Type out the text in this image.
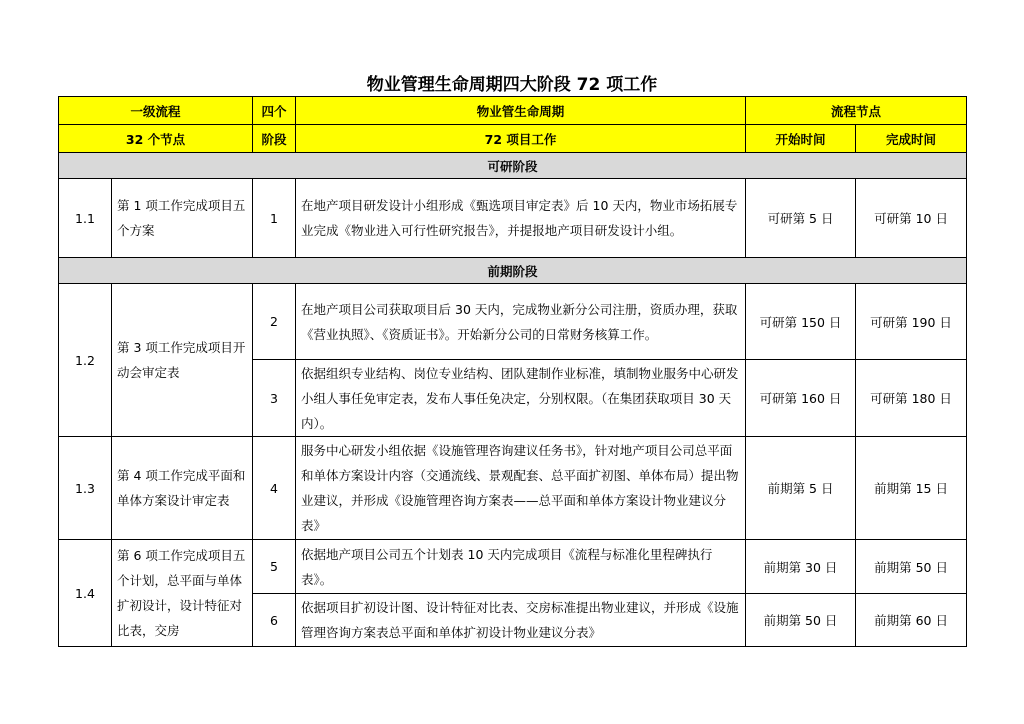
物业管理生命周期四大阶段 72 项工作
一级流程		四个	物业管生命周期	流程节点	
32 个节点		阶段	72 项目工作	开始时间	完成时间
可研阶段					
1.1	第 1 项工作完成项目五个方案	1	在地产项目研发设计小组形成《甄选项目审定表》后 10 天内，物业市场拓展专业完成《物业进入可行性研究报告》，并提报地产项目研发设计小组。	可研第 5 日	可研第 10 日
前期阶段					
1.2	第 3 项工作完成项目开动会审定表	2	在地产项目公司获取项目后 30 天内，完成物业新分公司注册，资质办理，获取《营业执照》、《资质证书》。开始新分公司的日常财务核算工作。	可研第 150 日	可研第 190 日
		3	依据组织专业结构、岗位专业结构、团队建制作业标准，填制物业服务中心研发小组人事任免审定表，发布人事任免决定，分别权限。（在集团获取项目 30 天内）。	可研第 160 日	可研第 180 日
1.3	第 4 项工作完成平面和单体方案设计审定表	4	服务中心研发小组依据《设施管理咨询建议任务书》，针对地产项目公司总平面和单体方案设计内容（交通流线、景观配套、总平面扩初图、单体布局）提出物业建议，并形成《设施管理咨询方案表——总平面和单体方案设计物业建议分表》	前期第 5 日	前期第 15 日
1.4	第 6 项工作完成项目五个计划，总平面与单体扩初设计，设计特征对比表，交房	5	依据地产项目公司五个计划表 10 天内完成项目《流程与标准化里程碑执行表》。	前期第 30 日	前期第 50 日
		6	依据项目扩初设计图、设计特征对比表、交房标准提出物业建议，并形成《设施管理咨询方案表总平面和单体扩初设计物业建议分表》	前期第 50 日	前期第 60 日
